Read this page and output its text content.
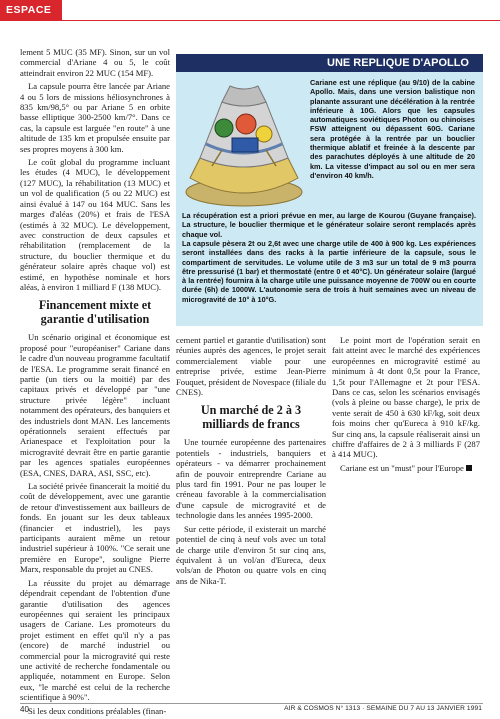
ESPACE

lement 5 MUC (35 MF). Sinon, sur un vol commercial d'Ariane 4 ou 5, le coût atteindrait environ 22 MUC (154 MF).

La capsule pourra être lancée par Ariane 4 ou 5 lors de missions héliosynchrones à 835 km/98,5° ou par Ariane 5 en orbite basse elliptique 300-2500 km/7°. Dans ce cas, la capsule est larguée "en route" à une altitude de 135 km et propulsée ensuite par ses propres moyens à 300 km.

Le coût global du programme incluant les études (4 MUC), le développement (127 MUC), la réhabilitation (13 MUC) et un vol de qualification (5 ou 22 MUC) est ainsi évalué à 147 ou 164 MUC. Sans les marges d'aléas (20%) et frais de l'ESA (estimés à 32 MUC). Le développement, avec construction de deux capsules et réhabilitation (remplacement de la structure, du bouclier thermique et du générateur solaire après chaque vol) est estimé, en hypothèse nominale et hors aléas, à environ 1 milliard F (138 MUC).

Financement mixte et garantie d'utilisation

Un scénario original et économique est proposé pour "européaniser" Cariane dans le cadre d'un nouveau programme facultatif de l'ESA. Le programme serait financé en partie (un tiers ou la moitié) par des capitaux privés et développé par "une structure privée légère" incluant notamment des opérateurs, des banquiers et des industriels dont MAN. Les lancements opérationnels seraient effectués par Arianespace et l'exploitation pour la microgravité devrait être en partie garantie par les agences spatiales européennes (ESA, CNES, DARA, ASI, SSC, etc).

La société privée financerait la moitié du coût de développement, avec une garantie de retour d'investissement aux bailleurs de fonds. En jouant sur les deux tableaux (financier et industriel), les pays participants auraient même un retour industriel supérieur à 100%. "Ce serait une première en Europe", souligne Pierre Marx, responsable du projet au CNES.

La réussite du projet au démarrage dépendrait cependant de l'obtention d'une garantie d'utilisation des agences européennes qui seraient les principaux usagers de Cariane. Les promoteurs du projet estiment en effet qu'il n'y a pas (encore) de marché industriel ou commercial pour la microgravité qui reste une activité de recherche fondamentale ou appliquée, notamment en Europe. Selon eux, "le marché est celui de la recherche scientifique à 90%".

Si les deux conditions préalables (finan-

UNE REPLIQUE D'APOLLO

Cariane est une réplique (au 9/10) de la cabine Apollo. Mais, dans une version balistique non planante assurant une décélération à la rentrée inférieure à 10G. Alors que les capsules automatiques soviétiques Photon ou chinoises FSW atteignent ou dépassent 60G. Cariane sera protégée à la rentrée par un bouclier thermique ablatif et freinée à la descente par des parachutes déployés à une altitude de 20 km. La vitesse d'impact au sol ou en mer sera d'environ 40 km/h.

La récupération est a priori prévue en mer, au large de Kourou (Guyane française). La structure, le bouclier thermique et le générateur solaire seront remplacés après chaque vol.

La capsule pèsera 2t ou 2,6t avec une charge utile de 400 à 900 kg. Les expériences seront installées dans des racks à la partie inférieure de la capsule, sous le compartiment de servitudes. Le volume utile de 3 m3 sur un total de 9 m3 pourra être pressurisé (1 bar) et thermostaté (entre 0 et 40°C). Un générateur solaire (largué à la rentrée) fournira à la charge utile une puissance moyenne de 700W ou en courte durée (6h) de 1000W. L'autonomie sera de trois à huit semaines avec un niveau de microgravité de 10° à 10°G.

cement partiel et garantie d'utilisation) sont réunies auprès des agences, le projet serait commercialement viable pour une entreprise privée, estime Jean-Pierre Fouquet, président de Novespace (filiale du CNES).

Un marché de 2 à 3 milliards de francs

Une tournée européenne des partenaires potentiels - industriels, banquiers et opérateurs - va démarrer prochainement afin de pouvoir entreprendre Cariane au plus tard fin 1991. Pour ne pas louper le créneau favorable à la commercialisation d'une capsule de microgravité et de technologie dans les années 1995-2000.

Sur cette période, il existerait un marché potentiel de cinq à neuf vols avec un total de charge utile d'environ 5t sur cinq ans, équivalent à un vol/an d'Eureca, deux vols/an de Photon ou quatre vols en cinq ans de Nika-T.

Le point mort de l'opération serait en fait atteint avec le marché des expériences européennes en microgravité estimé au minimum à 4t dont 0,5t pour la France, 1,5t pour l'Allemagne et 2t pour l'ESA. Dans ce cas, selon les scénarios envisagés (vols à pleine ou basse charge), le prix de vente serait de 450 à 630 kF/kg, soit deux fois moins cher qu'Eureca à 910 kF/kg. Sur cinq ans, la capsule réaliserait ainsi un chiffre d'affaires de 2 à 3 milliards F (287 à 414 MUC).

Cariane est un "must" pour l'Europe

40	AIR & COSMOS N° 1313 · SEMAINE DU 7 AU 13 JANVIER 1991
